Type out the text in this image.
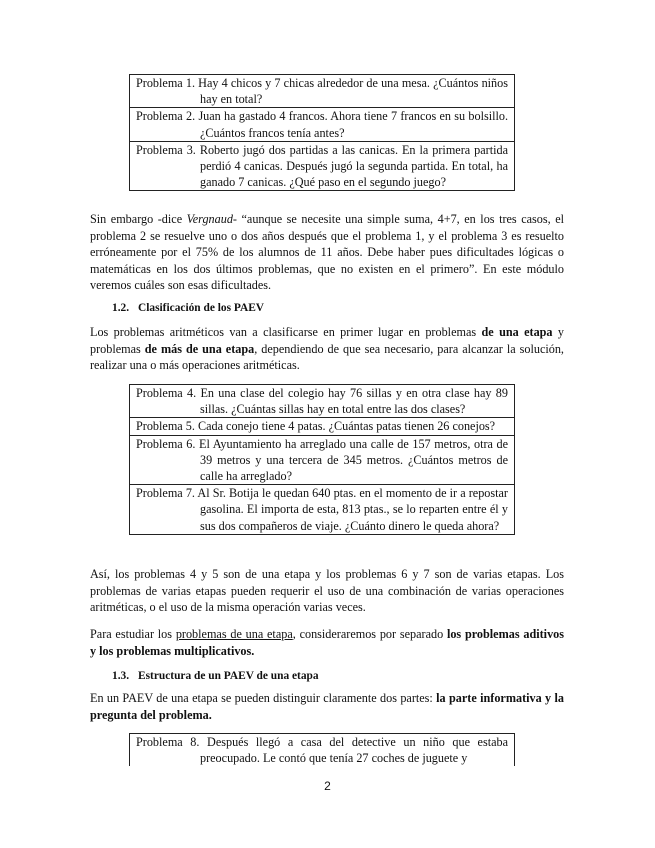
Problema 1. Hay 4 chicos y 7 chicas alrededor de una mesa. ¿Cuántos niños hay en total?

Problema 2. Juan ha gastado 4 francos. Ahora tiene 7 francos en su bolsillo. ¿Cuántos francos tenía antes?

Problema 3. Roberto jugó dos partidas a las canicas. En la primera partida perdió 4 canicas. Después jugó la segunda partida. En total, ha ganado 7 canicas. ¿Qué paso en el segundo juego?

Sin embargo -dice Vergnaud- “aunque se necesite una simple suma, 4+7, en los tres casos, el problema 2 se resuelve uno o dos años después que el problema 1, y el problema 3 es resuelto erróneamente por el 75% de los alumnos de 11 años. Debe haber pues dificultades lógicas o matemáticas en los dos últimos problemas, que no existen en el primero”. En este módulo veremos cuáles son esas dificultades.

1.2. Clasificación de los PAEV

Los problemas aritméticos van a clasificarse en primer lugar en problemas de una etapa y problemas de más de una etapa, dependiendo de que sea necesario, para alcanzar la solución, realizar una o más operaciones aritméticas.

Problema 4. En una clase del colegio hay 76 sillas y en otra clase hay 89 sillas. ¿Cuántas sillas hay en total entre las dos clases?

Problema 5. Cada conejo tiene 4 patas. ¿Cuántas patas tienen 26 conejos?

Problema 6. El Ayuntamiento ha arreglado una calle de 157 metros, otra de 39 metros y una tercera de 345 metros. ¿Cuántos metros de calle ha arreglado?

Problema 7. Al Sr. Botija le quedan 640 ptas. en el momento de ir a repostar gasolina. El importa de esta, 813 ptas., se lo reparten entre él y sus dos compañeros de viaje. ¿Cuánto dinero le queda ahora?

Así, los problemas 4 y 5 son de una etapa y los problemas 6 y 7 son de varias etapas. Los problemas de varias etapas pueden requerir el uso de una combinación de varias operaciones aritméticas, o el uso de la misma operación varias veces.

Para estudiar los problemas de una etapa, consideraremos por separado los problemas aditivos y los problemas multiplicativos.

1.3. Estructura de un PAEV de una etapa

En un PAEV de una etapa se pueden distinguir claramente dos partes: la parte informativa y la pregunta del problema.

Problema 8. Después llegó a casa del detective un niño que estaba preocupado. Le contó que tenía 27 coches de juguete y
2
